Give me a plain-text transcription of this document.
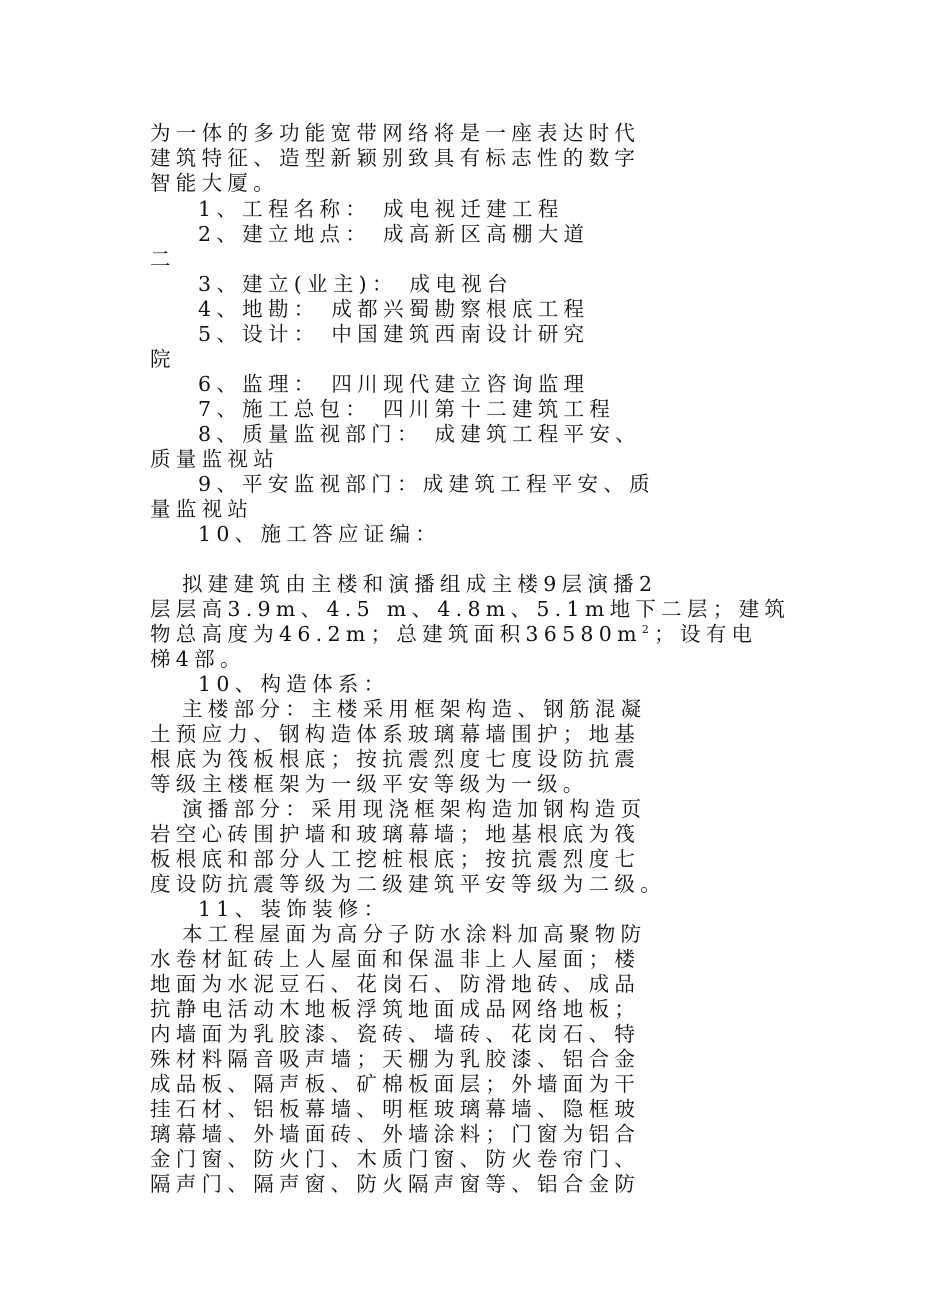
为一体的多功能宽带网络将是一座表达时代
建筑特征、造型新颖别致具有标志性的数字
智能大厦。
1、工程名称： 成电视迁建工程
2、建立地点： 成高新区高棚大道
二
3、建立(业主)： 成电视台
4、地勘： 成都兴蜀勘察根底工程
5、设计： 中国建筑西南设计研究
院
6、监理： 四川现代建立咨询监理
7、施工总包： 四川第十二建筑工程
8、质量监视部门： 成建筑工程平安、
质量监视站
9、平安监视部门：成建筑工程平安、质
量监视站
10、施工答应证编：
拟建建筑由主楼和演播组成主楼9层演播2
层层高3.9m、4.5 m、4.8m、5.1m地下二层；建筑
物总高度为46.2m；总建筑面积$36580m^2$；设有电
梯4部。
10、构造体系：
主楼部分：主楼采用框架构造、钢筋混凝
土预应力、钢构造体系玻璃幕墙围护；地基
根底为筏板根底；按抗震烈度七度设防抗震
等级主楼框架为一级平安等级为一级。
演播部分：采用现浇框架构造加钢构造页
岩空心砖围护墙和玻璃幕墙；地基根底为筏
板根底和部分人工挖桩根底；按抗震烈度七
度设防抗震等级为二级建筑平安等级为二级。
11、装饰装修：
本工程屋面为高分子防水涂料加高聚物防
水卷材缸砖上人屋面和保温非上人屋面；楼
地面为水泥豆石、花岗石、防滑地砖、成品
抗静电活动木地板浮筑地面成品网络地板；
内墙面为乳胶漆、瓷砖、墙砖、花岗石、特
殊材料隔音吸声墙；天棚为乳胶漆、铝合金
成品板、隔声板、矿棉板面层；外墙面为干
挂石材、铝板幕墙、明框玻璃幕墙、隐框玻
璃幕墙、外墙面砖、外墙涂料；门窗为铝合
金门窗、防火门、木质门窗、防火卷帘门、
隔声门、隔声窗、防火隔声窗等、铝合金防
